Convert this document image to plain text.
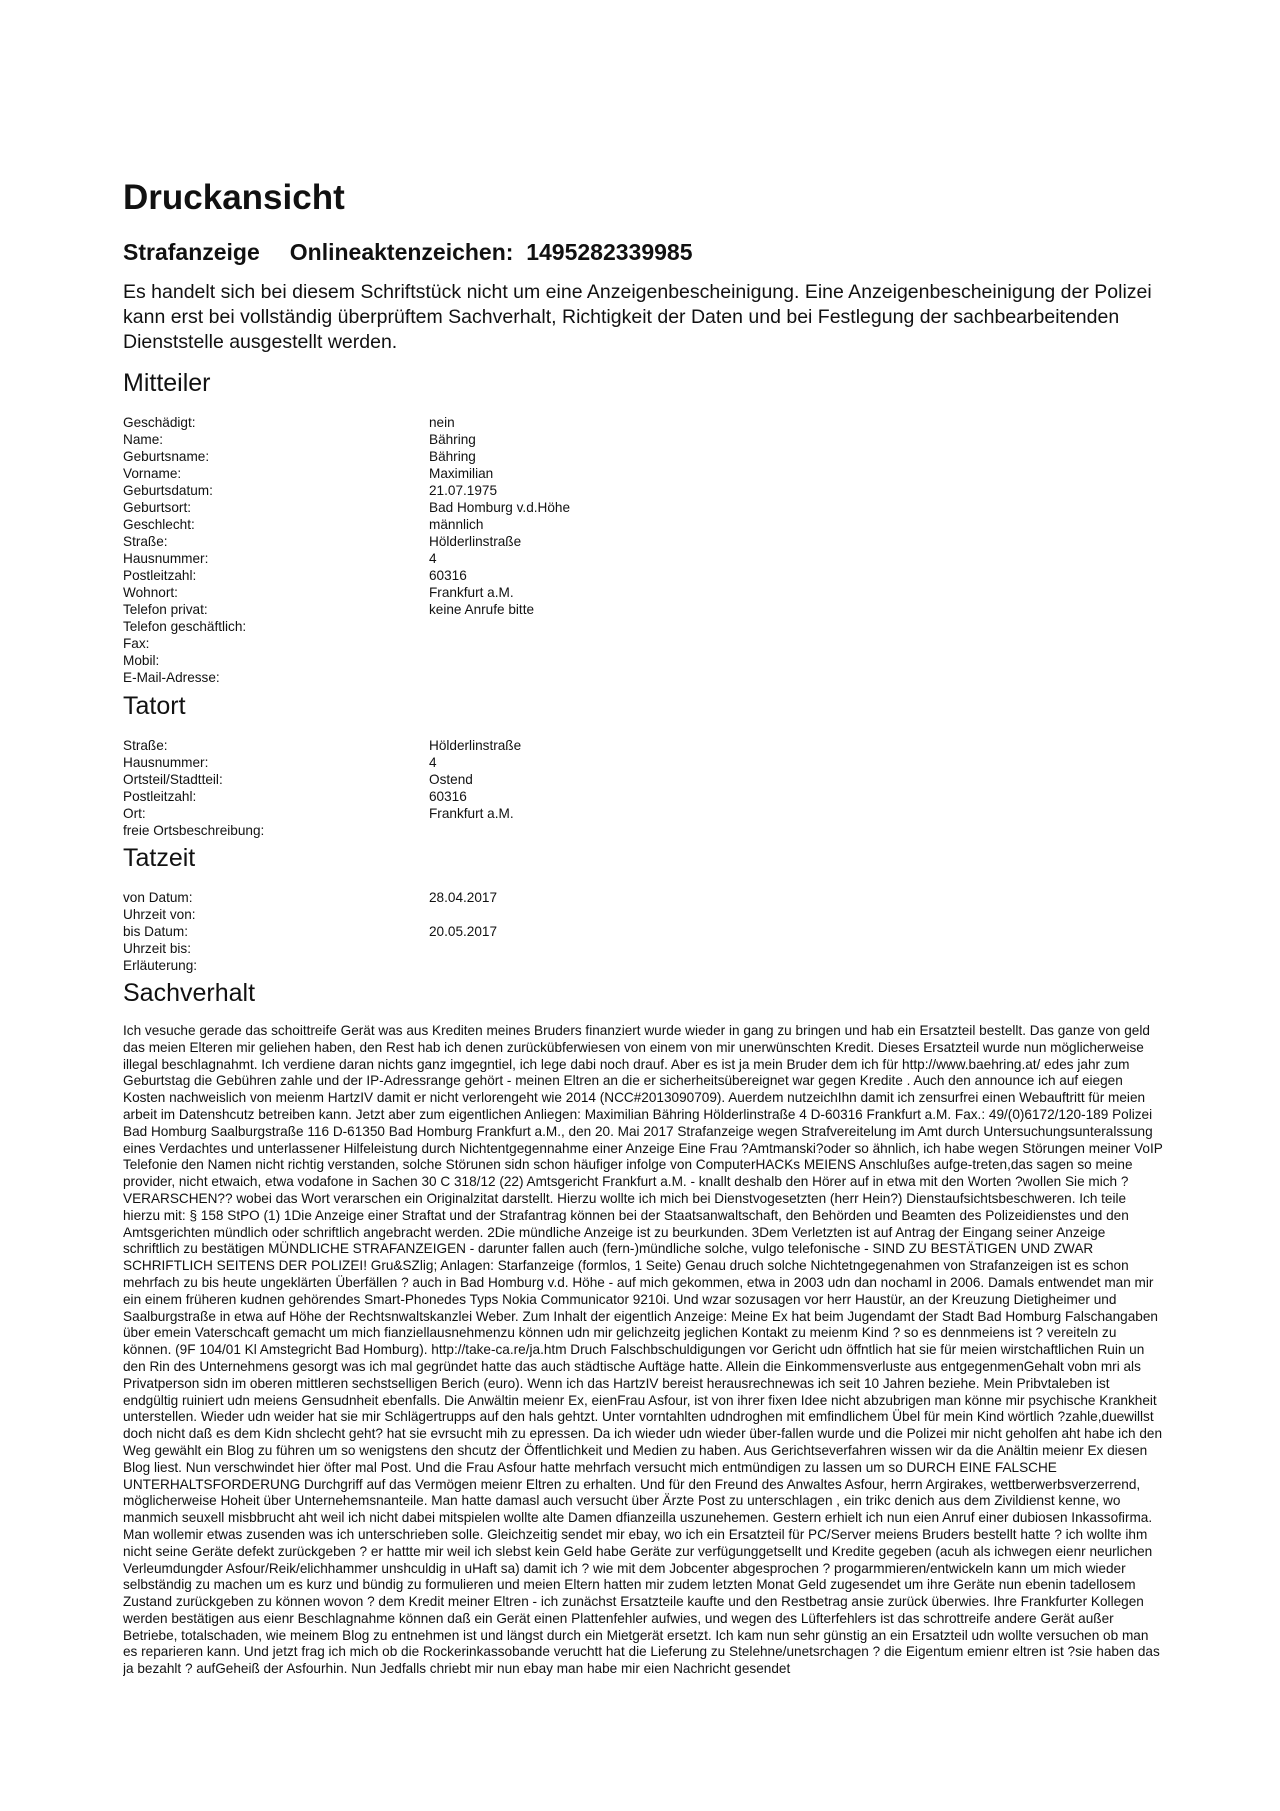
Druckansicht
Strafanzeige Onlineaktenzeichen: 1495282339985

Es handelt sich bei diesem Schriftstück nicht um eine Anzeigenbescheinigung. Eine Anzeigenbescheinigung der Polizei kann erst bei vollständig überprüftem Sachverhalt, Richtigkeit der Daten und bei Festlegung der sachbearbeitenden Dienststelle ausgestellt werden.

Mitteiler
Geschädigt:	nein
Name:	Bähring
Geburtsname:	Bähring
Vorname:	Maximilian
Geburtsdatum:	21.07.1975
Geburtsort:	Bad Homburg v.d.Höhe
Geschlecht:	männlich
Straße:	Hölderlinstraße
Hausnummer:	4
Postleitzahl:	60316
Wohnort:	Frankfurt a.M.
Telefon privat:	keine Anrufe bitte
Telefon geschäftlich:
Fax:
Mobil:
E-Mail-Adresse:
Tatort
Straße:	Hölderlinstraße
Hausnummer:	4
Ortsteil/Stadtteil:	Ostend
Postleitzahl:	60316
Ort:	Frankfurt a.M.
freie Ortsbeschreibung:
Tatzeit
von Datum:	28.04.2017
Uhrzeit von:
bis Datum:	20.05.2017
Uhrzeit bis:
Erläuterung:
Sachverhalt

Ich vesuche gerade das schoittreife Gerät was aus Krediten meines Bruders finanziert wurde wieder in gang zu bringen und hab ein Ersatzteil bestellt. Das ganze von geld das meien Elteren mir geliehen haben, den Rest hab ich denen zurückübferwiesen von einem von mir unerwünschten Kredit. Dieses Ersatzteil wurde nun möglicherweise illegal beschlagnahmt. Ich verdiene daran nichts ganz imgegntiel, ich lege dabi noch drauf. Aber es ist ja mein Bruder dem ich für http://www.baehring.at/ edes jahr zum Geburtstag die Gebühren zahle und der IP-Adressrange gehört - meinen Eltren an die er sicherheitsübereignet war gegen Kredite . Auch den announce ich auf eiegen Kosten nachweislich von meienm HartzIV damit er nicht verlorengeht wie 2014 (NCC#2013090709). Auerdem nutzeichIhn damit ich zensurfrei einen Webauftritt für meien arbeit im Datenshcutz betreiben kann. Jetzt aber zum eigentlichen Anliegen: Maximilian Bähring Hölderlinstraße 4 D-60316 Frankfurt a.M. Fax.: 49/(0)6172/120-189 Polizei Bad Homburg Saalburgstraße 116 D-61350 Bad Homburg Frankfurt a.M., den 20. Mai 2017 Strafanzeige wegen Strafvereitelung im Amt durch Untersuchungsunteralssung eines Verdachtes und unterlassener Hilfeleistung durch Nichtentgegennahme einer Anzeige Eine Frau ?Amtmanski?oder so ähnlich, ich habe wegen Störungen meiner VoIP Telefonie den Namen nicht richtig verstanden, solche Störunen sidn schon häufiger infolge von ComputerHACKs MEIENS Anschlußes aufge-treten,das sagen so meine provider, nicht etwaich, etwa vodafone in Sachen 30 C 318/12 (22) Amtsgericht Frankfurt a.M. - knallt deshalb den Hörer auf in etwa mit den Worten ?wollen Sie mich ?VERARSCHEN?? wobei das Wort verarschen ein Originalzitat darstellt. Hierzu wollte ich mich bei Dienstvogesetzten (herr Hein?) Dienstaufsichtsbeschweren. Ich teile hierzu mit: § 158 StPO (1) 1Die Anzeige einer Straftat und der Strafantrag können bei der Staatsanwaltschaft, den Behörden und Beamten des Polizeidienstes und den Amtsgerichten mündlich oder schriftlich angebracht werden. 2Die mündliche Anzeige ist zu beurkunden. 3Dem Verletzten ist auf Antrag der Eingang seiner Anzeige schriftlich zu bestätigen MÜNDLICHE STRAFANZEIGEN - darunter fallen auch (fern-)mündliche solche, vulgo telefonische - SIND ZU BESTÄTIGEN UND ZWAR SCHRIFTLICH SEITENS DER POLIZEI! Gru&SZlig; Anlagen: Starfanzeige (formlos, 1 Seite) Genau druch solche Nichtetngegenahmen von Strafanzeigen ist es schon mehrfach zu bis heute ungeklärten Überfällen ? auch in Bad Homburg v.d. Höhe - auf mich gekommen, etwa in 2003 udn dan nochaml in 2006. Damals entwendet man mir ein einem früheren kudnen gehörendes Smart-Phonedes Typs Nokia Communicator 9210i. Und wzar sozusagen vor herr Haustür, an der Kreuzung Dietigheimer und Saalburgstraße in etwa auf Höhe der Rechtsnwaltskanzlei Weber. Zum Inhalt der eigentlich Anzeige: Meine Ex hat beim Jugendamt der Stadt Bad Homburg Falschangaben über emein Vaterschcaft gemacht um mich fianziellausnehmenzu können udn mir gelichzeitg jeglichen Kontakt zu meienm Kind ? so es dennmeiens ist ? vereiteln zu können. (9F 104/01 Kl Amstegricht Bad Homburg). http://take-ca.re/ja.htm Druch Falschbschuldigungen vor Gericht udn öffntlich hat sie für meien wirstchaftlichen Ruin un den Rin des Unternehmens gesorgt was ich mal gegründet hatte das auch städtische Auftäge hatte. Allein die Einkommensverluste aus entgegenmenGehalt vobn mri als Privatperson sidn im oberen mittleren sechstselligen Berich (euro). Wenn ich das HartzIV bereist herausrechnewas ich seit 10 Jahren beziehe. Mein Pribvtaleben ist endgültig ruiniert udn meiens Gensudnheit ebenfalls. Die Anwältin meienr Ex, eienFrau Asfour, ist von ihrer fixen Idee nicht abzubrigen man könne mir psychische Krankheit unterstellen. Wieder udn weider hat sie mir Schlägertrupps auf den hals gehtzt. Unter vorntahlten udndroghen mit emfindlichem Übel für mein Kind wörtlich ?zahle,duewillst doch nicht daß es dem Kidn shclecht geht? hat sie evrsucht mih zu epressen. Da ich wieder udn wieder über-fallen wurde und die Polizei mir nicht geholfen aht habe ich den Weg gewählt ein Blog zu führen um so wenigstens den shcutz der Öffentlichkeit und Medien zu haben. Aus Gerichtseverfahren wissen wir da die Anältin meienr Ex diesen Blog liest. Nun verschwindet hier öfter mal Post. Und die Frau Asfour hatte mehrfach versucht mich entmündigen zu lassen um so DURCH EINE FALSCHE UNTERHALTSFORDERUNG Durchgriff auf das Vermögen meienr Eltren zu erhalten. Und für den Freund des Anwaltes Asfour, herrn Argirakes, wettberwerbsverzerrend, möglicherweise Hoheit über Unternehemsnanteile. Man hatte damasl auch versucht über Ärzte Post zu unterschlagen , ein trikc denich aus dem Zivildienst kenne, wo manmich seuxell misbbrucht aht weil ich nicht dabei mitspielen wollte alte Damen dfianzeilla uszunehemen. Gestern erhielt ich nun eien Anruf einer dubiosen Inkassofirma. Man wollemir etwas zusenden was ich unterschrieben solle. Gleichzeitig sendet mir ebay, wo ich ein Ersatzteil für PC/Server meiens Bruders bestellt hatte ? ich wollte ihm nicht seine Geräte defekt zurückgeben ? er hattte mir weil ich slebst kein Geld habe Geräte zur verfügunggetsellt und Kredite gegeben (acuh als ichwegen eienr neurlichen Verleumdungder Asfour/Reik/elichhammer unshculdig in uHaft sa) damit ich ? wie mit dem Jobcenter abgesprochen ? progarmmieren/entwickeln kann um mich wieder selbständig zu machen um es kurz und bündig zu formulieren und meien Eltern hatten mir zudem letzten Monat Geld zugesendet um ihre Geräte nun ebenin tadellosem Zustand zurückgeben zu können wovon ? dem Kredit meiner Eltren - ich zunächst Ersatzteile kaufte und den Restbetrag ansie zurück überwies. Ihre Frankfurter Kollegen werden bestätigen aus eienr Beschlagnahme können daß ein Gerät einen Plattenfehler aufwies, und wegen des Lüfterfehlers ist das schrottreife andere Gerät außer Betriebe, totalschaden, wie meinem Blog zu entnehmen ist und längst durch ein Mietgerät ersetzt. Ich kam nun sehr günstig an ein Ersatzteil udn wollte versuchen ob man es reparieren kann. Und jetzt frag ich mich ob die Rockerinkassobande veruchtt hat die Lieferung zu Stelehne/unetsrchagen ? die Eigentum emienr eltren ist ?sie haben das ja bezahlt ? aufGeheiß der Asfourhin. Nun Jedfalls chriebt mir nun ebay man habe mir eien Nachricht gesendet
